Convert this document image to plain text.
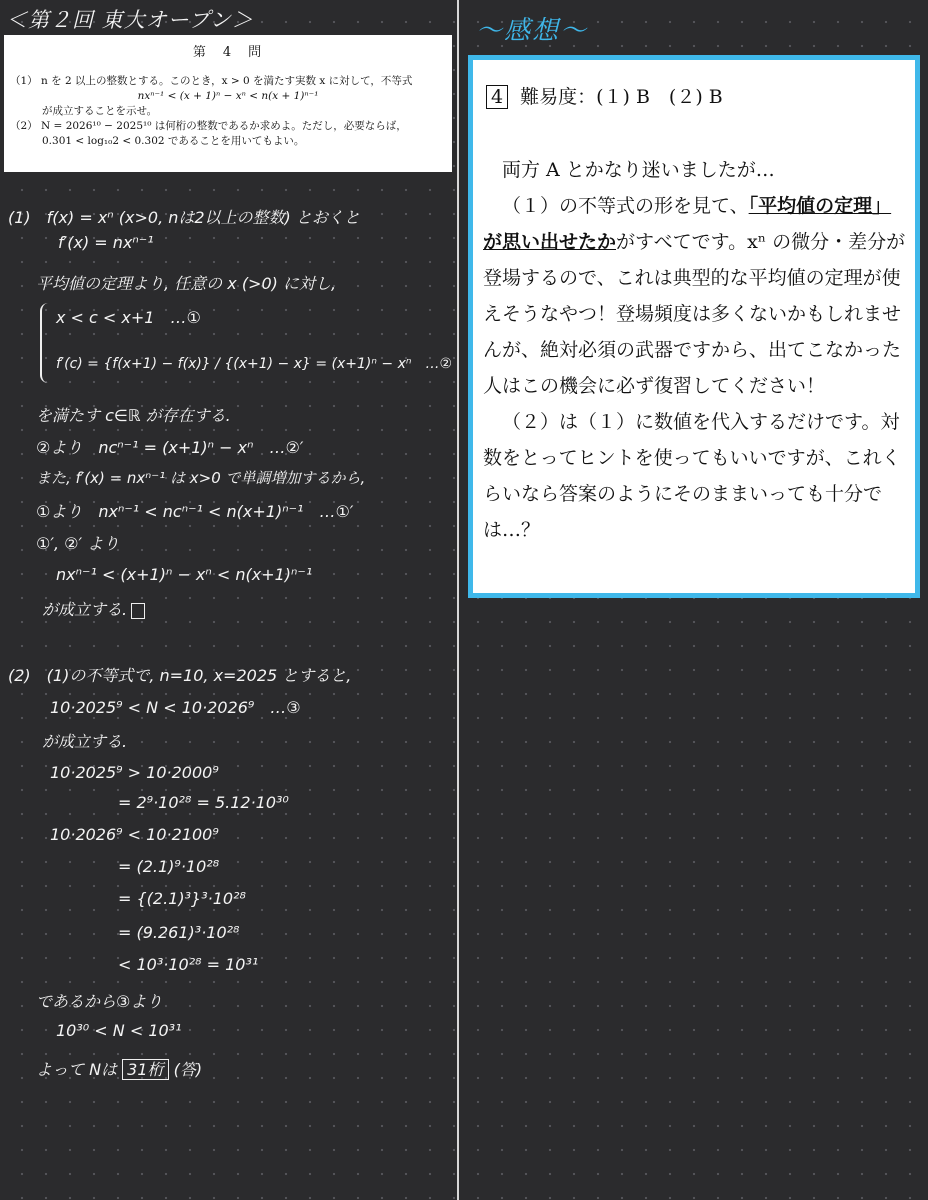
＜第２回 東大オープン＞
第　4　問
（1） n を 2 以上の整数とする。このとき，x > 0 を満たす実数 x に対して，不等式
nxⁿ⁻¹ < (x + 1)ⁿ − xⁿ < n(x + 1)ⁿ⁻¹
が成立することを示せ。
（2） N = 2026¹⁰ − 2025¹⁰ は何桁の整数であるか求めよ。ただし，必要ならば，
0.301 < log₁₀2 < 0.302 であることを用いてもよい。
(1)　f(x) = xⁿ (x>0, nは2以上の整数) とおくと
f′(x) = nxⁿ⁻¹
平均値の定理より, 任意の x (>0) に対し,
x < c < x+1　…①
f′(c) = {f(x+1) − f(x)} / {(x+1) − x} = (x+1)ⁿ − xⁿ　…②
を満たす c∈ℝ が存在する.
②より　ncⁿ⁻¹ = (x+1)ⁿ − xⁿ　…②′
また, f′(x) = nxⁿ⁻¹ は x>0 で単調増加するから,
①より　nxⁿ⁻¹ < ncⁿ⁻¹ < n(x+1)ⁿ⁻¹　…①′
①′, ②′ より
nxⁿ⁻¹ < (x+1)ⁿ − xⁿ < n(x+1)ⁿ⁻¹
が成立する.
(2)　(1)の不等式で, n=10, x=2025 とすると,
10·2025⁹ < N < 10·2026⁹　…③
が成立する.
10·2025⁹ > 10·2000⁹
= 2⁹·10²⁸ = 5.12·10³⁰
10·2026⁹ < 10·2100⁹
= (2.1)⁹·10²⁸
= {(2.1)³}³·10²⁸
= (9.261)³·10²⁸
< 10³·10²⁸ = 10³¹
であるから③より
10³⁰ < N < 10³¹
よって Nは 31桁 (答)
〜感想〜
4 難易度：(１) B　(２) B

両方 A とかなり迷いましたが…

（１）の不等式の形を見て、「平均値の定理」が思い出せたかがすべてです。xⁿ の微分・差分が登場するので、これは典型的な平均値の定理が使えそうなやつ！登場頻度は多くないかもしれませんが、絶対必須の武器ですから、出てこなかった人はこの機会に必ず復習してください！

（２）は（１）に数値を代入するだけです。対数をとってヒントを使ってもいいですが、これくらいなら答案のようにそのままいっても十分では…？
